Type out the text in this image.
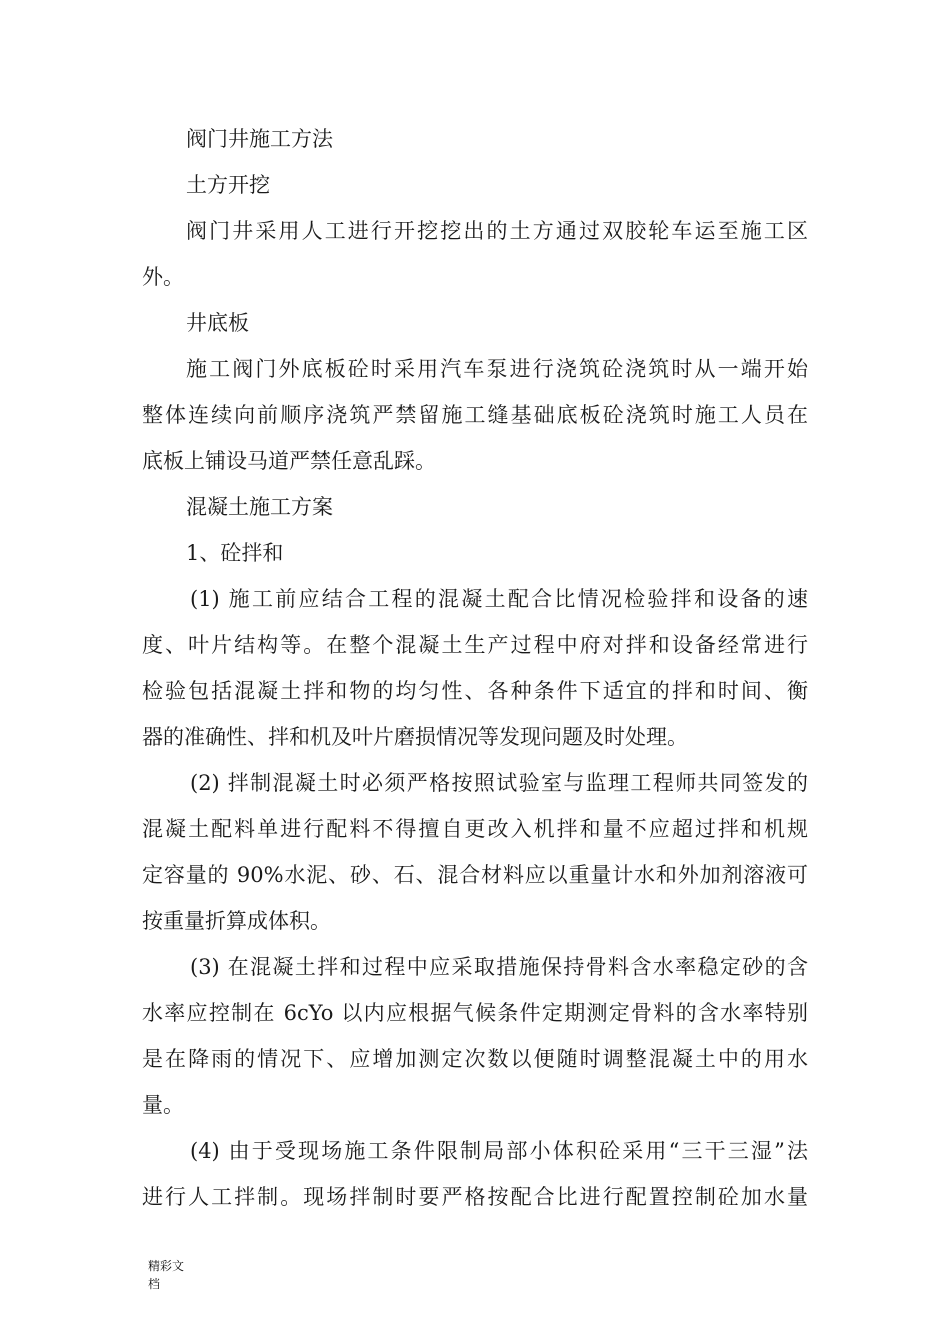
阀门井施工方法
土方开挖
阀门井采用人工进行开挖挖出的土方通过双胶轮车运至施工区
外。
井底板
施工阀门外底板砼时采用汽车泵进行浇筑砼浇筑时从一端开始
整体连续向前顺序浇筑严禁留施工缝基础底板砼浇筑时施工人员在
底板上铺设马道严禁任意乱踩。
混凝土施工方案
1、砼拌和
(1) 施工前应结合工程的混凝土配合比情况检验拌和设备的速
度、叶片结构等。在整个混凝土生产过程中府对拌和设备经常进行
检验包括混凝土拌和物的均匀性、各种条件下适宜的拌和时间、衡
器的准确性、拌和机及叶片磨损情况等发现问题及时处理。
(2) 拌制混凝土时必须严格按照试验室与监理工程师共同签发的
混凝土配料单进行配料不得擅自更改入机拌和量不应超过拌和机规
定容量的 90%水泥、砂、石、混合材料应以重量计水和外加剂溶液可
按重量折算成体积。
(3) 在混凝土拌和过程中应采取措施保持骨料含水率稳定砂的含
水率应控制在 6cYo 以内应根据气候条件定期测定骨料的含水率特别
是在降雨的情况下、应增加测定次数以便随时调整混凝土中的用水
量。
(4) 由于受现场施工条件限制局部小体积砼采用“三干三湿”法
进行人工拌制。现场拌制时要严格按配合比进行配置控制砼加水量
精彩文
档
